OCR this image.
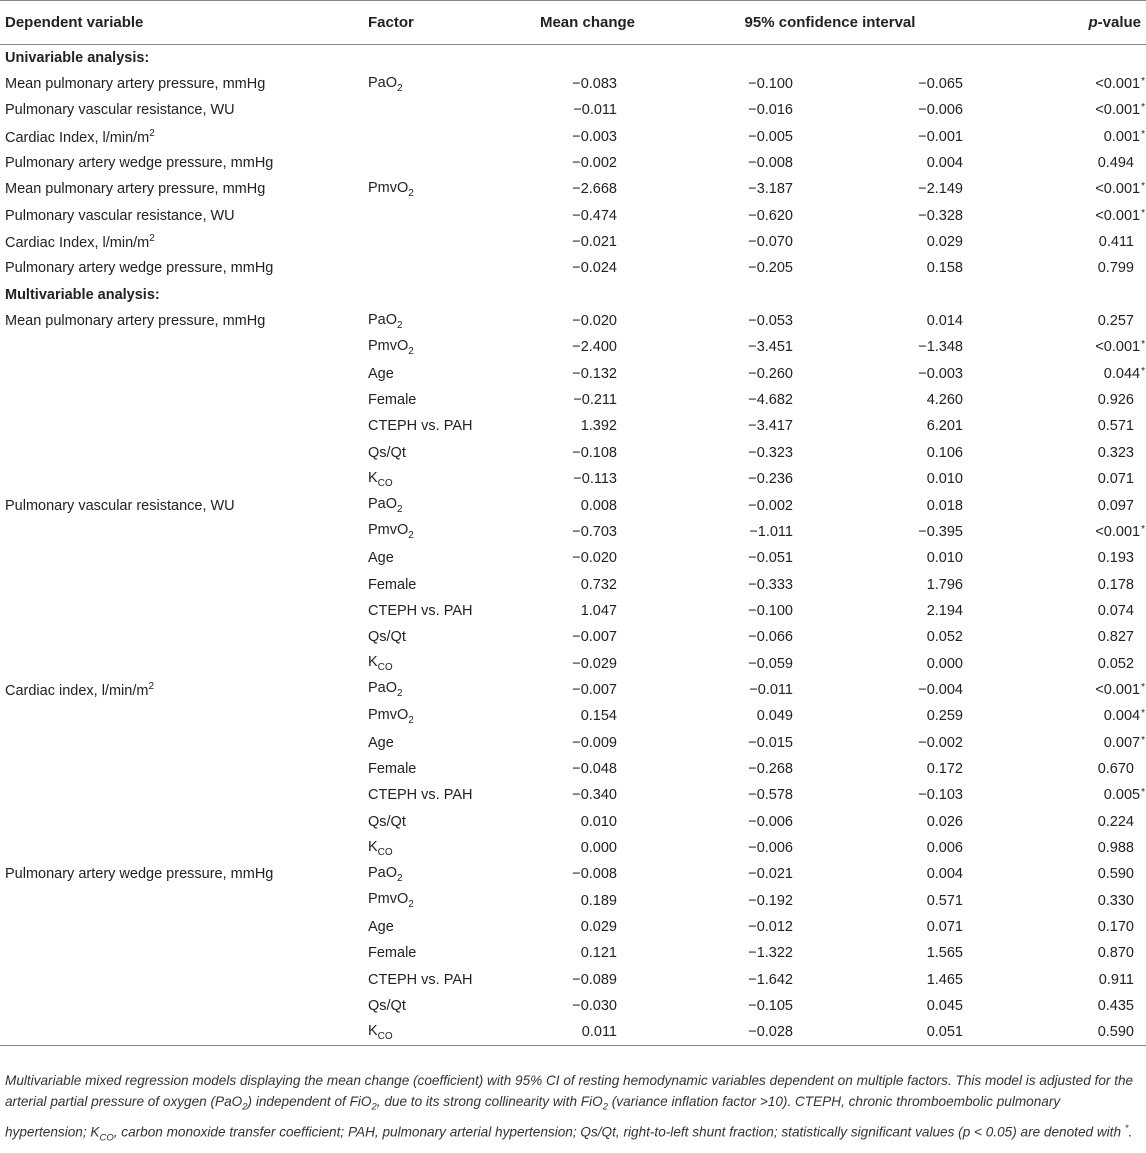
Dependent variable	Factor	Mean change	95% confidence interval		p-value
Univariable analysis:					
Mean pulmonary artery pressure, mmHg	PaO$_2$	−0.083	−0.100	−0.065	<0.001*
Pulmonary vascular resistance, WU		−0.011	−0.016	−0.006	<0.001*
Cardiac Index, $l/\min/m^2$		−0.003	−0.005	−0.001	0.001*
Pulmonary artery wedge pressure, mmHg		−0.002	−0.008	0.004	0.494
Mean pulmonary artery pressure, mmHg	PmvO$_2$	−2.668	−3.187	−2.149	<0.001*
Pulmonary vascular resistance, WU		−0.474	−0.620	−0.328	<0.001*
Cardiac Index, $l/\min/m^2$		−0.021	−0.070	0.029	0.411
Pulmonary artery wedge pressure, mmHg		−0.024	−0.205	0.158	0.799
Multivariable analysis:					
Mean pulmonary artery pressure, mmHg	PaO$_2$	−0.020	−0.053	0.014	0.257
	PmvO$_2$	−2.400	−3.451	−1.348	<0.001*
	Age	−0.132	−0.260	−0.003	0.044*
	Female	−0.211	−4.682	4.260	0.926
	CTEPH vs. PAH	1.392	−3.417	6.201	0.571
	Qs/Qt	−0.108	−0.323	0.106	0.323
	$K_{CO}$	−0.113	−0.236	0.010	0.071
Pulmonary vascular resistance, WU	PaO$_2$	0.008	−0.002	0.018	0.097
	PmvO$_2$	−0.703	−1.011	−0.395	<0.001*
	Age	−0.020	−0.051	0.010	0.193
	Female	0.732	−0.333	1.796	0.178
	CTEPH vs. PAH	1.047	−0.100	2.194	0.074
	Qs/Qt	−0.007	−0.066	0.052	0.827
	$K_{CO}$	−0.029	−0.059	0.000	0.052
Cardiac index, $l/\min/m^2$	PaO$_2$	−0.007	−0.011	−0.004	<0.001*
	PmvO$_2$	0.154	0.049	0.259	0.004*
	Age	−0.009	−0.015	−0.002	0.007*
	Female	−0.048	−0.268	0.172	0.670
	CTEPH vs. PAH	−0.340	−0.578	−0.103	0.005*
	Qs/Qt	0.010	−0.006	0.026	0.224
	$K_{CO}$	0.000	−0.006	0.006	0.988
Pulmonary artery wedge pressure, mmHg	PaO$_2$	−0.008	−0.021	0.004	0.590
	PmvO$_2$	0.189	−0.192	0.571	0.330
	Age	0.029	−0.012	0.071	0.170
	Female	0.121	−1.322	1.565	0.870
	CTEPH vs. PAH	−0.089	−1.642	1.465	0.911
	Qs/Qt	−0.030	−0.105	0.045	0.435
	$K_{CO}$	0.011	−0.028	0.051	0.590
Multivariable mixed regression models displaying the mean change (coefficient) with 95% CI of resting hemodynamic variables dependent on multiple factors. This model is adjusted for the arterial partial pressure of oxygen (PaO$_2$) independent of FiO$_2$, due to its strong collinearity with FiO$_2$ (variance inflation factor >10). CTEPH, chronic thromboembolic pulmonary hypertension; $K_{CO}$, carbon monoxide transfer coefficient; PAH, pulmonary arterial hypertension; Qs/Qt, right-to-left shunt fraction; statistically significant values (p < 0.05) are denoted with *.
